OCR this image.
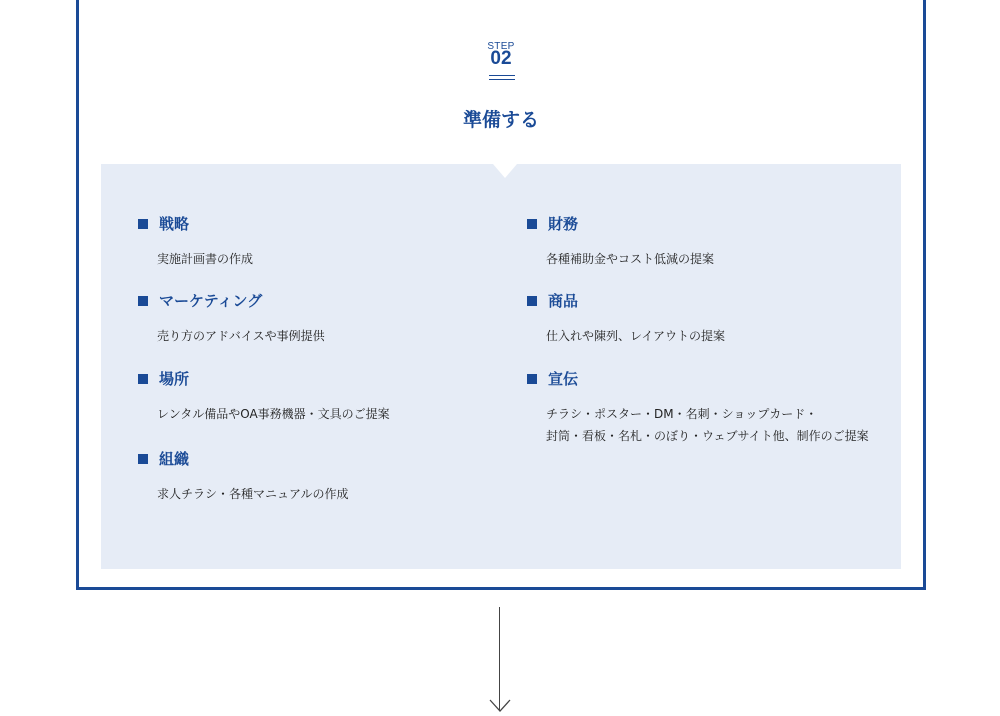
STEP
02
準備する
戦略
実施計画書の作成
マーケティング
売り方のアドバイスや事例提供
場所
レンタル備品やOA事務機器・文具のご提案
組織
求人チラシ・各種マニュアルの作成
財務
各種補助金やコスト低減の提案
商品
仕入れや陳列、レイアウトの提案
宣伝
チラシ・ポスター・DM・名刺・ショップカード・
封筒・看板・名札・のぼり・ウェブサイト他、制作のご提案
